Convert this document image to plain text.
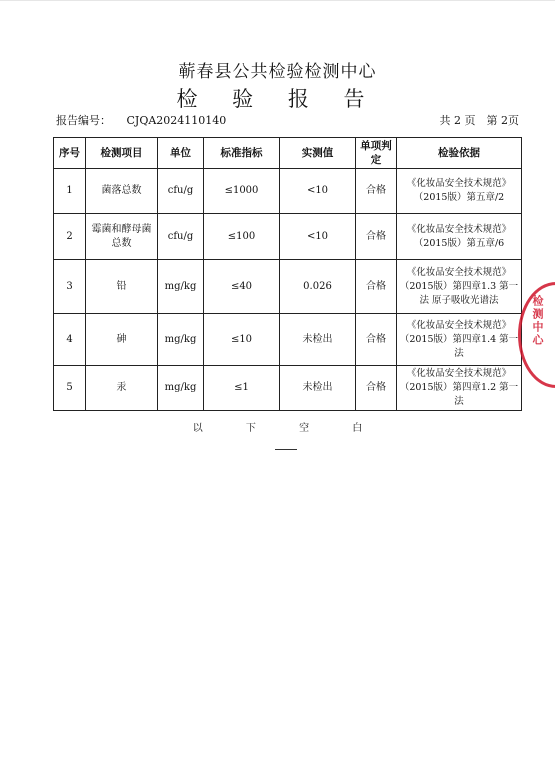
蕲春县公共检验检测中心
检 验 报 告
报告编号： CJQA2024110140	共 2 页　第 2页
序号	检测项目	单位	标准指标	实测值	单项判定	检验依据
1	菌落总数	cfu/g	≤1000	<10	合格	《化妆品安全技术规范》（2015版）第五章/2
2	霉菌和酵母菌总数	cfu/g	≤100	<10	合格	《化妆品安全技术规范》（2015版）第五章/6
3	铅	mg/kg	≤40	0.026	合格	《化妆品安全技术规范》（2015版）第四章1.3 第一法 原子吸收光谱法
4	砷	mg/kg	≤10	未检出	合格	《化妆品安全技术规范》（2015版）第四章1.4 第一法
5	汞	mg/kg	≤1	未检出	合格	《化妆品安全技术规范》（2015版）第四章1.2 第一法
以	下	空	白
检测中心
